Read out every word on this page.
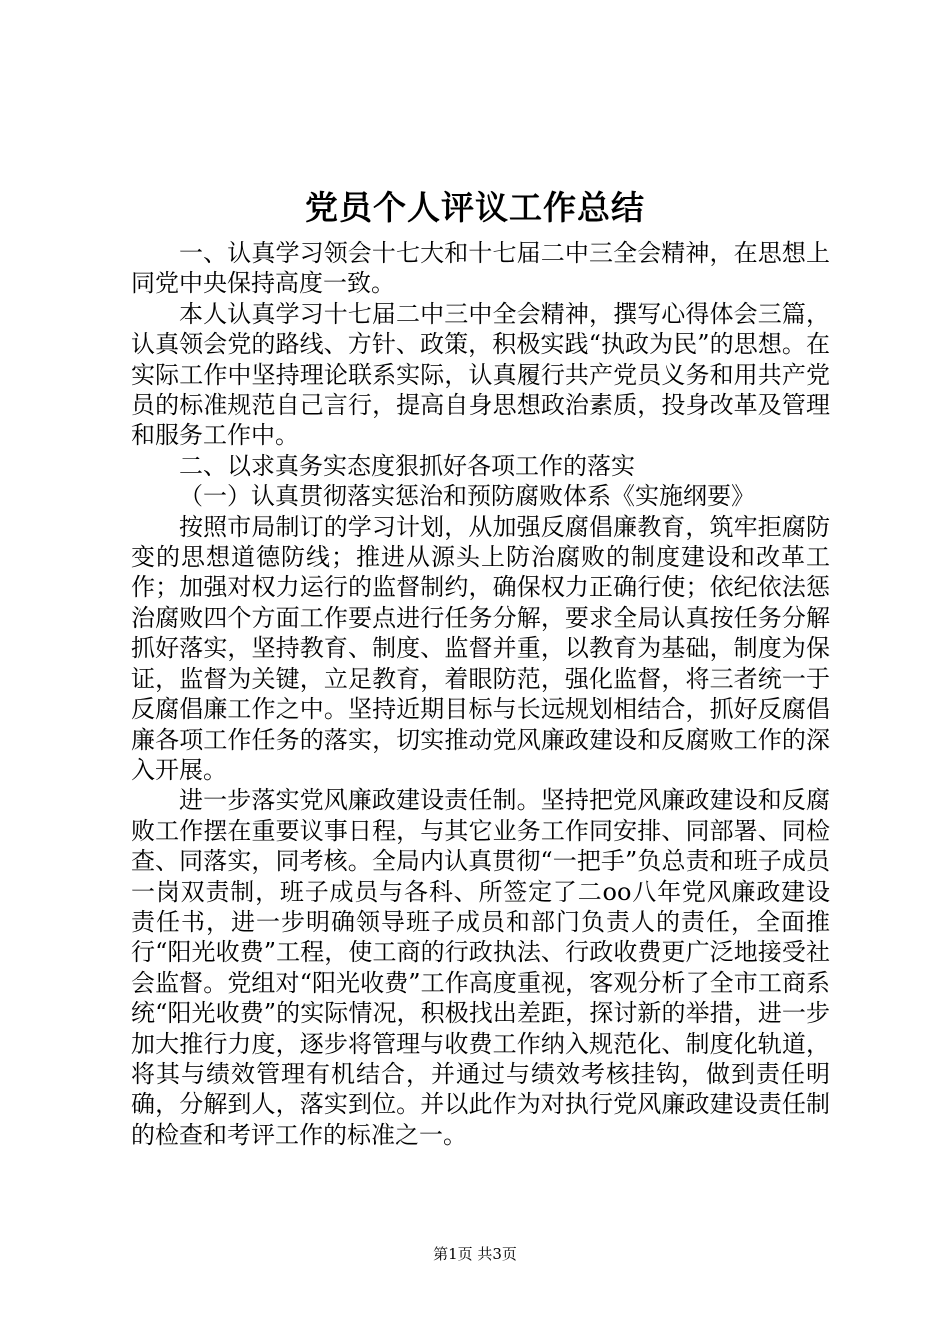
党员个人评议工作总结

一、认真学习领会十七大和十七届二中三全会精神，在思想上同党中央保持高度一致。

本人认真学习十七届二中三中全会精神，撰写心得体会三篇，认真领会党的路线、方针、政策，积极实践“执政为民”的思想。在实际工作中坚持理论联系实际，认真履行共产党员义务和用共产党员的标准规范自己言行，提高自身思想政治素质，投身改革及管理和服务工作中。

二、以求真务实态度狠抓好各项工作的落实

（一）认真贯彻落实惩治和预防腐败体系《实施纲要》

按照市局制订的学习计划，从加强反腐倡廉教育，筑牢拒腐防变的思想道德防线；推进从源头上防治腐败的制度建设和改革工作；加强对权力运行的监督制约，确保权力正确行使；依纪依法惩治腐败四个方面工作要点进行任务分解，要求全局认真按任务分解抓好落实，坚持教育、制度、监督并重，以教育为基础，制度为保证，监督为关键，立足教育，着眼防范，强化监督，将三者统一于反腐倡廉工作之中。坚持近期目标与长远规划相结合，抓好反腐倡廉各项工作任务的落实，切实推动党风廉政建设和反腐败工作的深入开展。

进一步落实党风廉政建设责任制。坚持把党风廉政建设和反腐败工作摆在重要议事日程，与其它业务工作同安排、同部署、同检查、同落实，同考核。全局内认真贯彻“一把手”负总责和班子成员一岗双责制，班子成员与各科、所签定了二oo八年党风廉政建设责任书，进一步明确领导班子成员和部门负责人的责任，全面推行“阳光收费”工程，使工商的行政执法、行政收费更广泛地接受社会监督。党组对“阳光收费”工作高度重视，客观分析了全市工商系统“阳光收费”的实际情况，积极找出差距，探讨新的举措，进一步加大推行力度，逐步将管理与收费工作纳入规范化、制度化轨道，将其与绩效管理有机结合，并通过与绩效考核挂钩，做到责任明确，分解到人，落实到位。并以此作为对执行党风廉政建设责任制的检查和考评工作的标准之一。

第1页 共3页
